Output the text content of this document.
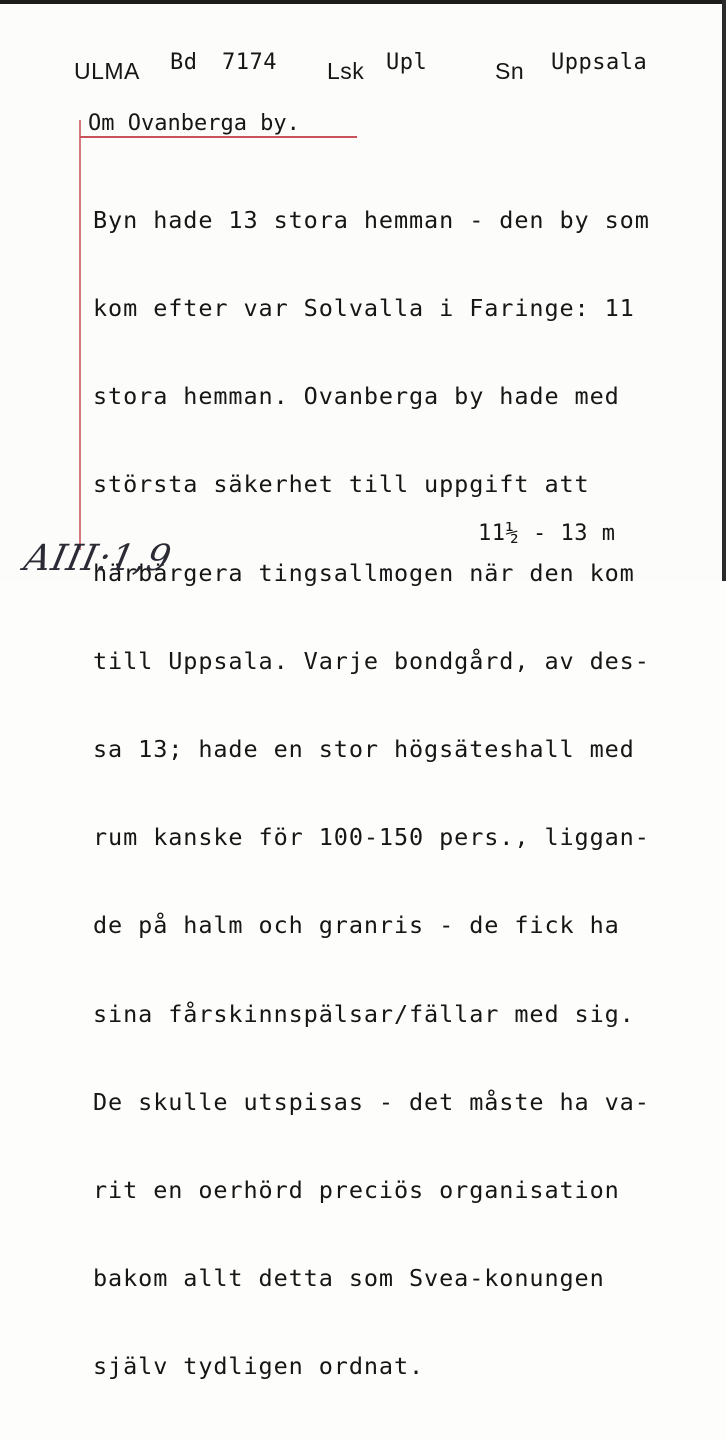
ULMA Bd 7174 Lsk Upl	Sn Uppsala
Om Ovanberga by.

Byn hade 13 stora hemman - den by som

kom efter var Solvalla i Faringe: 11

stora hemman. Ovanberga by hade med

största säkerhet till uppgift att

härbärgera tingsallmogen när den kom

till Uppsala. Varje bondgård, av des-

sa 13; hade en stor högsäteshall med

rum kanske för 100-150 pers., liggan-

de på halm och granris - de fick ha

sina fårskinnspälsar/fällar med sig.

De skulle utspisas - det måste ha va-

rit en oerhörd preciös organisation

bakom allt detta som Svea-konungen

själv tydligen ordnat.

11½ - 13 m
AIII:1,9
